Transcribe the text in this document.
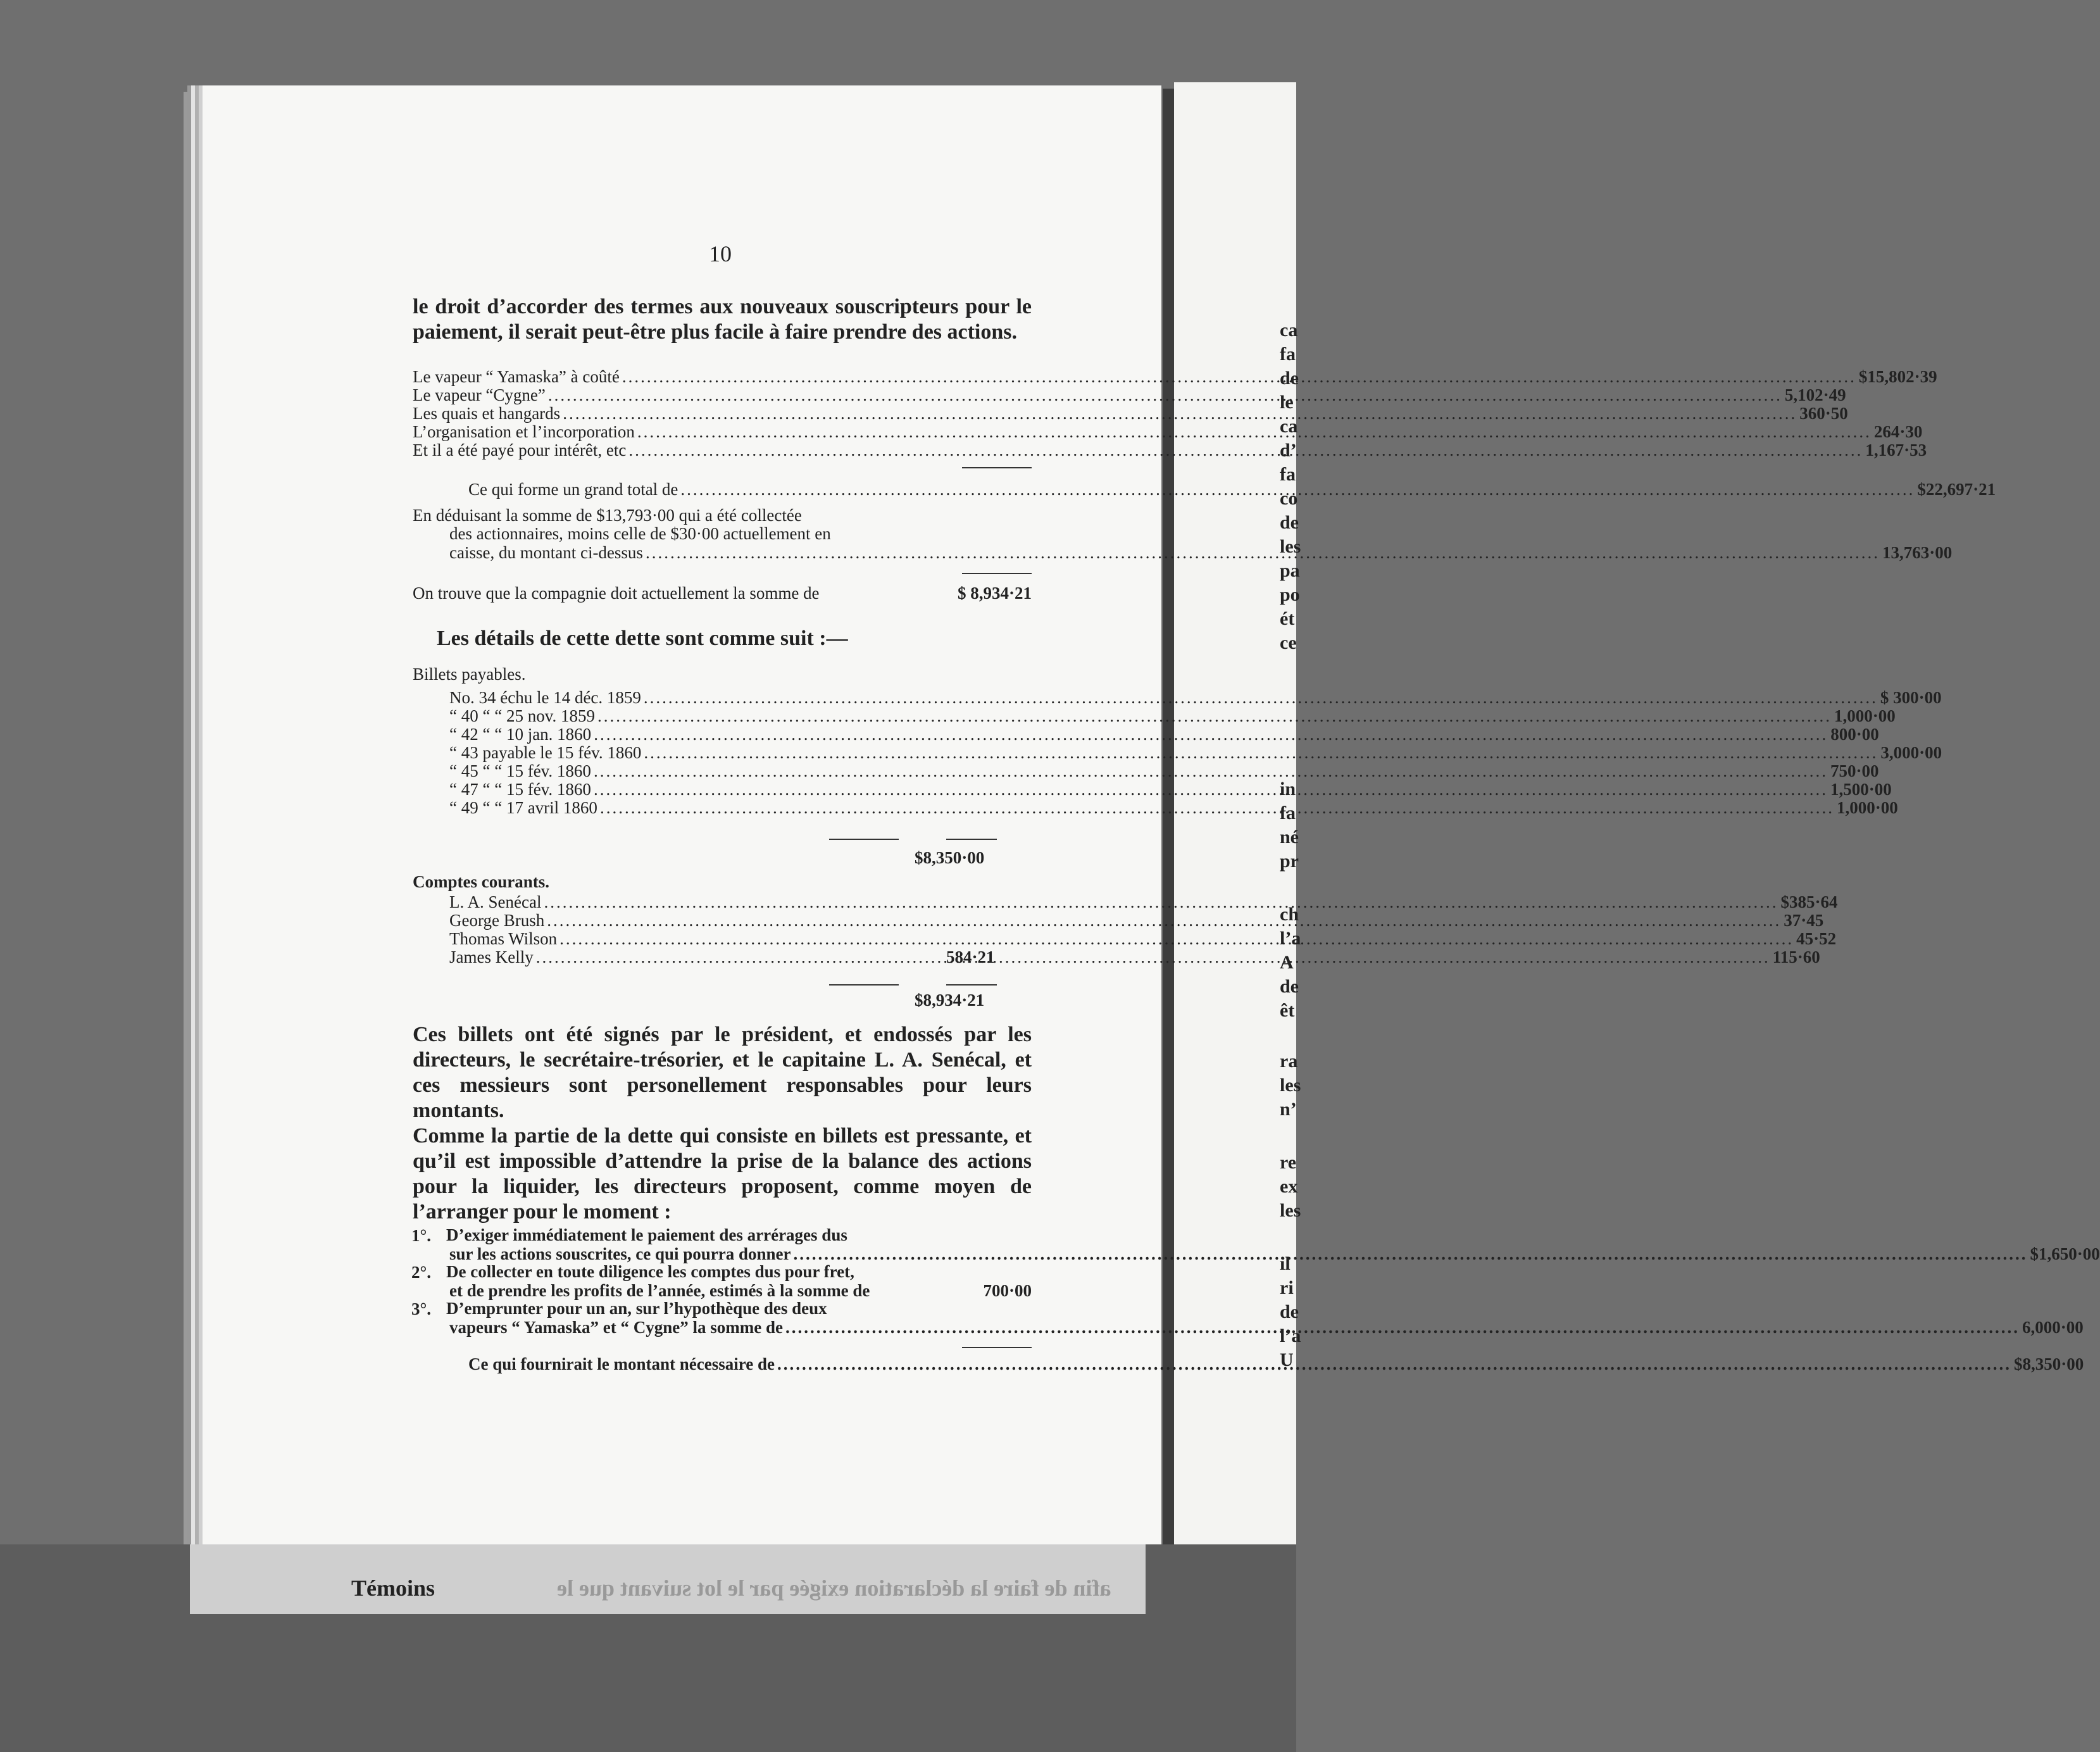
10
le droit d’accorder des termes aux nouveaux souscripteurs pour le paiement, il serait peut-être plus facile à faire prendre des actions.
Le vapeur “ Yamaska” à coûté .....	$15,802·39
Le vapeur “Cygne” .....	5,102·49
Les quais et hangards .....	360·50
L’organisation et l’incorporation .....	264·30
Et il a été payé pour intérêt, etc .....	1,167·53
Ce qui forme un grand total de .....	$22,697·21
En déduisant la somme de $13,793·00 qui a été collectée
des actionnaires, moins celle de $30·00 actuellement en
caisse, du montant ci-dessus .....	13,763·00
On trouve que la compagnie doit actuellement la somme de	$ 8,934·21
Les détails de cette dette sont comme suit :—
Billets payables.
No. 34 échu le 14 déc. 1859 .....	$ 300·00
“ 40 “ “ 25 nov. 1859 .....	1,000·00
“ 42 “ “ 10 jan. 1860 .....	800·00
“ 43 payable le 15 fév. 1860 .....	3,000·00
“ 45 “ “ 15 fév. 1860 .....	750·00
“ 47 “ “ 15 fév. 1860 .....	1,500·00
“ 49 “ “ 17 avril 1860 .....	1,000·00
$8,350·00
Comptes courants.
L. A. Senécal .....	$385·64
George Brush .....	37·45
Thomas Wilson .....	45·52
James Kelly .....	115·60
584·21
$8,934·21
Ces billets ont été signés par le président, et endossés par les directeurs, le secrétaire-trésorier, et le capitaine L. A. Senécal, et ces messieurs sont personellement responsables pour leurs montants.
Comme la partie de la dette qui consiste en billets est pressante, et qu’il est impossible d’attendre la prise de la balance des actions pour la liquider, les directeurs proposent, comme moyen de l’arranger pour le moment :
1°. D’exiger immédiatement le paiement des arrérages dus
sur les actions souscrites, ce qui pourra donner .....	$1,650·00
2°. De collecter en toute diligence les comptes dus pour fret,
et de prendre les profits de l’année, estimés à la somme de	700·00
3°. D’emprunter pour un an, sur l’hypothèque des deux
vapeurs “ Yamaska” et “ Cygne” la somme de .....	6,000·00
Ce qui fournirait le montant nécessaire de .....	$8,350·00
ca
fa
de
le
ca
d’
fa
co
de
les
pa
po
ét
ce
in
fa
né
pr
ch
l’a
A
de
êt
ra
les
n’
re
ex
les
il
ri
de
l’a
U
Témoins	afin de faire la déclaration exigée par le lot suivant que le
